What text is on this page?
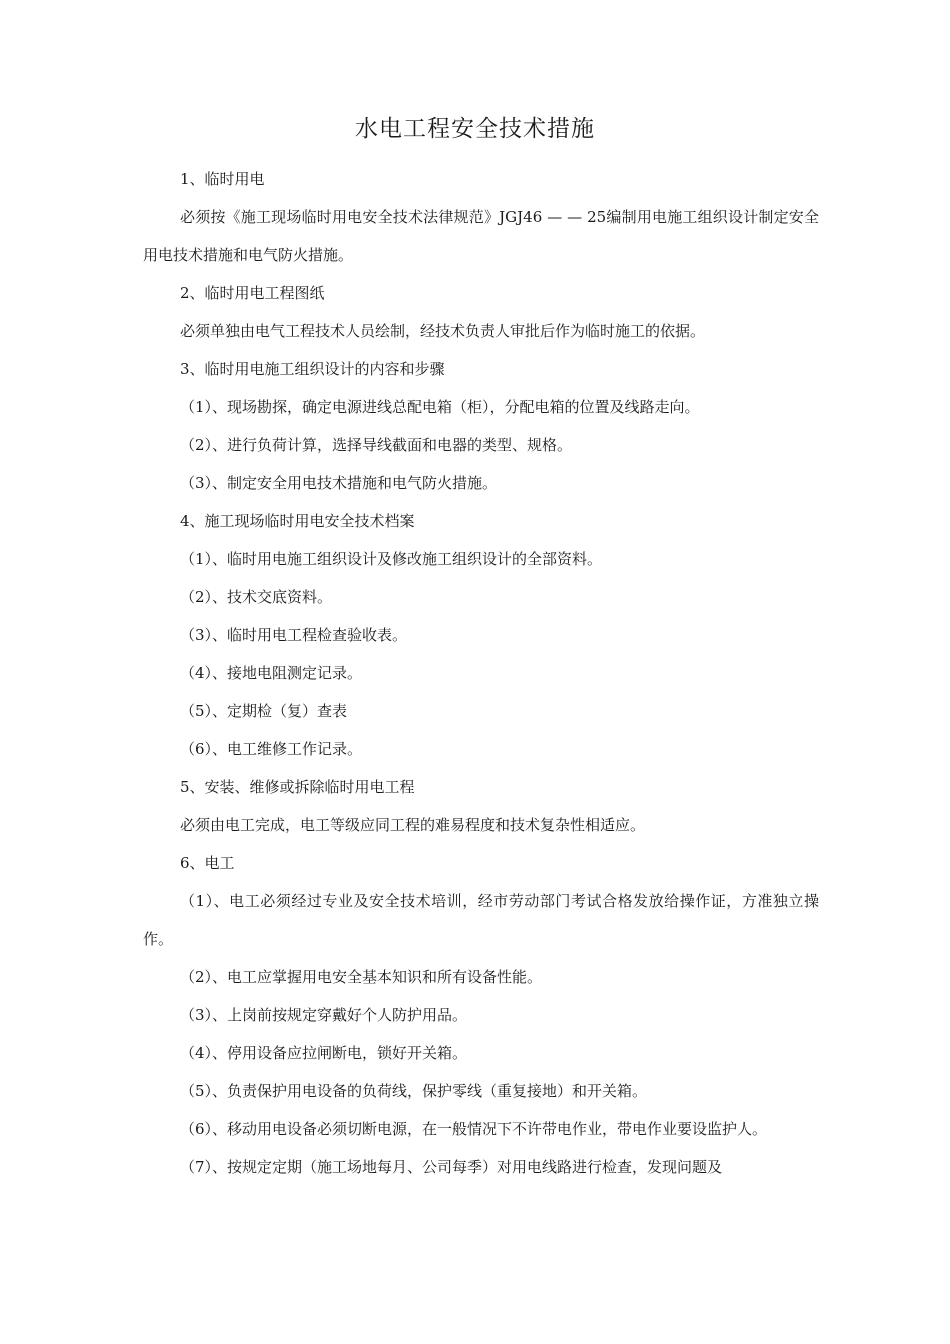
水电工程安全技术措施

1、临时用电

必须按《施工现场临时用电安全技术法律规范》JGJ46 — — 25编制用电施工组织设计制定安全用电技术措施和电气防火措施。

2、临时用电工程图纸

必须单独由电气工程技术人员绘制，经技术负责人审批后作为临时施工的依据。

3、临时用电施工组织设计的内容和步骤

（1）、现场勘探，确定电源进线总配电箱（柜），分配电箱的位置及线路走向。

（2）、进行负荷计算，选择导线截面和电器的类型、规格。

（3）、制定安全用电技术措施和电气防火措施。

4、施工现场临时用电安全技术档案

（1）、临时用电施工组织设计及修改施工组织设计的全部资料。

（2）、技术交底资料。

（3）、临时用电工程检查验收表。

（4）、接地电阻测定记录。

（5）、定期检（复）查表

（6）、电工维修工作记录。

5、安装、维修或拆除临时用电工程

必须由电工完成，电工等级应同工程的难易程度和技术复杂性相适应。

6、电工

（1）、电工必须经过专业及安全技术培训，经市劳动部门考试合格发放给操作证，方准独立操作。

（2）、电工应掌握用电安全基本知识和所有设备性能。

（3）、上岗前按规定穿戴好个人防护用品。

（4）、停用设备应拉闸断电，锁好开关箱。

（5）、负责保护用电设备的负荷线，保护零线（重复接地）和开关箱。

（6）、移动用电设备必须切断电源，在一般情况下不许带电作业，带电作业要设监护人。

（7）、按规定定期（施工场地每月、公司每季）对用电线路进行检查，发现问题及
